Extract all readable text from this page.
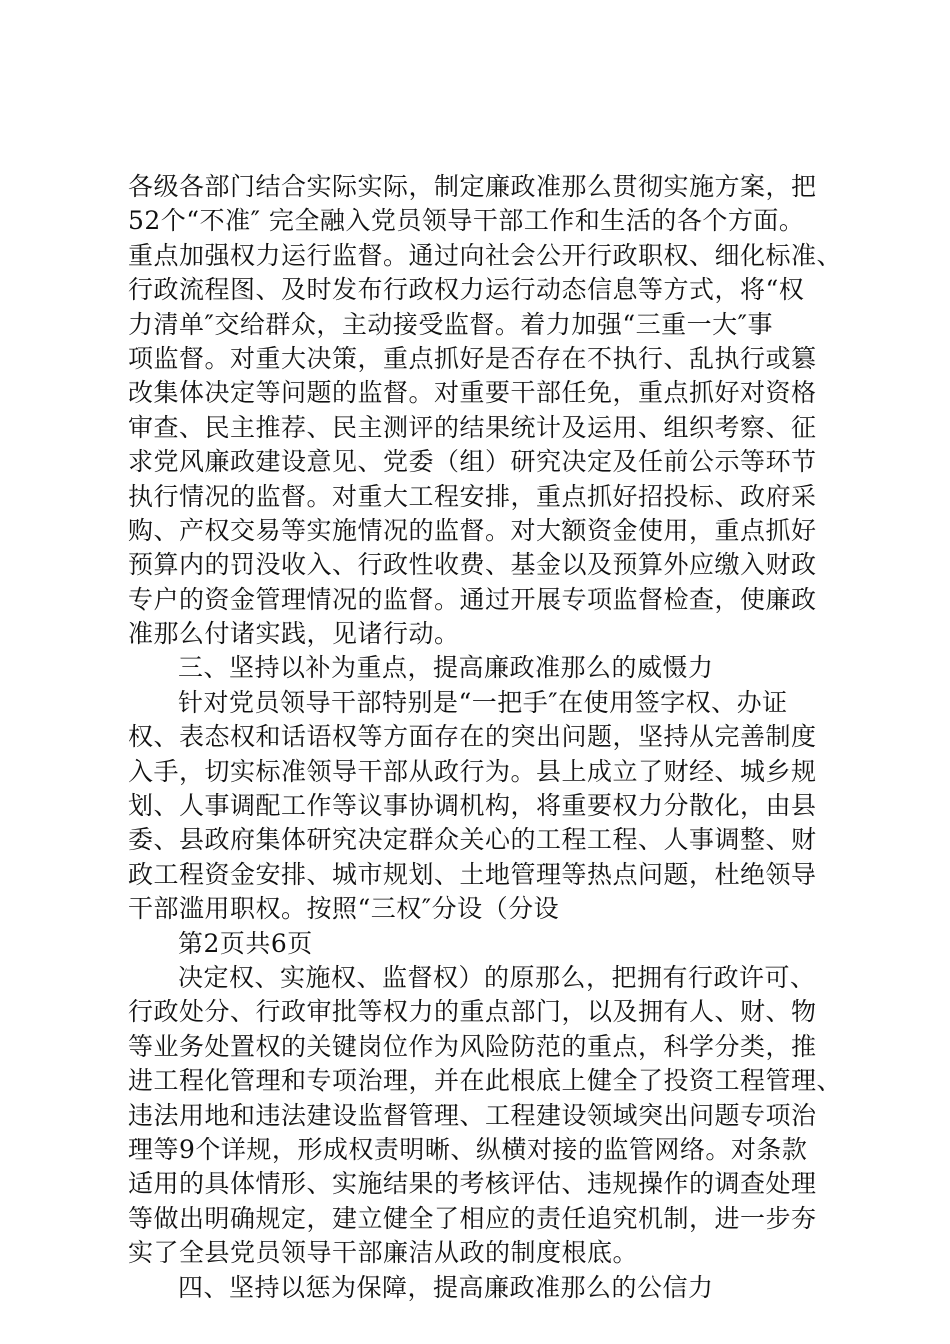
各级各部门结合实际实际，制定廉政准那么贯彻实施方案，把
52个“不准″ 完全融入党员领导干部工作和生活的各个方面。
重点加强权力运行监督。通过向社会公开行政职权、细化标准、
行政流程图、及时发布行政权力运行动态信息等方式，将“权
力清单″交给群众，主动接受监督。着力加强“三重一大″事
项监督。对重大决策，重点抓好是否存在不执行、乱执行或篡
改集体决定等问题的监督。对重要干部任免，重点抓好对资格
审查、民主推荐、民主测评的结果统计及运用、组织考察、征
求党风廉政建设意见、党委（组）研究决定及任前公示等环节
执行情况的监督。对重大工程安排，重点抓好招投标、政府采
购、产权交易等实施情况的监督。对大额资金使用，重点抓好
预算内的罚没收入、行政性收费、基金以及预算外应缴入财政
专户的资金管理情况的监督。通过开展专项监督检查，使廉政
准那么付诸实践，见诸行动。
三、坚持以补为重点，提高廉政准那么的威慑力
针对党员领导干部特别是“一把手″在使用签字权、办证
权、表态权和话语权等方面存在的突出问题，坚持从完善制度
入手，切实标准领导干部从政行为。县上成立了财经、城乡规
划、人事调配工作等议事协调机构，将重要权力分散化，由县
委、县政府集体研究决定群众关心的工程工程、人事调整、财
政工程资金安排、城市规划、土地管理等热点问题，杜绝领导
干部滥用职权。按照“三权″分设（分设
第2页共6页
决定权、实施权、监督权）的原那么，把拥有行政许可、
行政处分、行政审批等权力的重点部门，以及拥有人、财、物
等业务处置权的关键岗位作为风险防范的重点，科学分类，推
进工程化管理和专项治理，并在此根底上健全了投资工程管理、
违法用地和违法建设监督管理、工程建设领域突出问题专项治
理等9个详规，形成权责明晰、纵横对接的监管网络。对条款
适用的具体情形、实施结果的考核评估、违规操作的调查处理
等做出明确规定，建立健全了相应的责任追究机制，进一步夯
实了全县党员领导干部廉洁从政的制度根底。
四、坚持以惩为保障，提高廉政准那么的公信力
